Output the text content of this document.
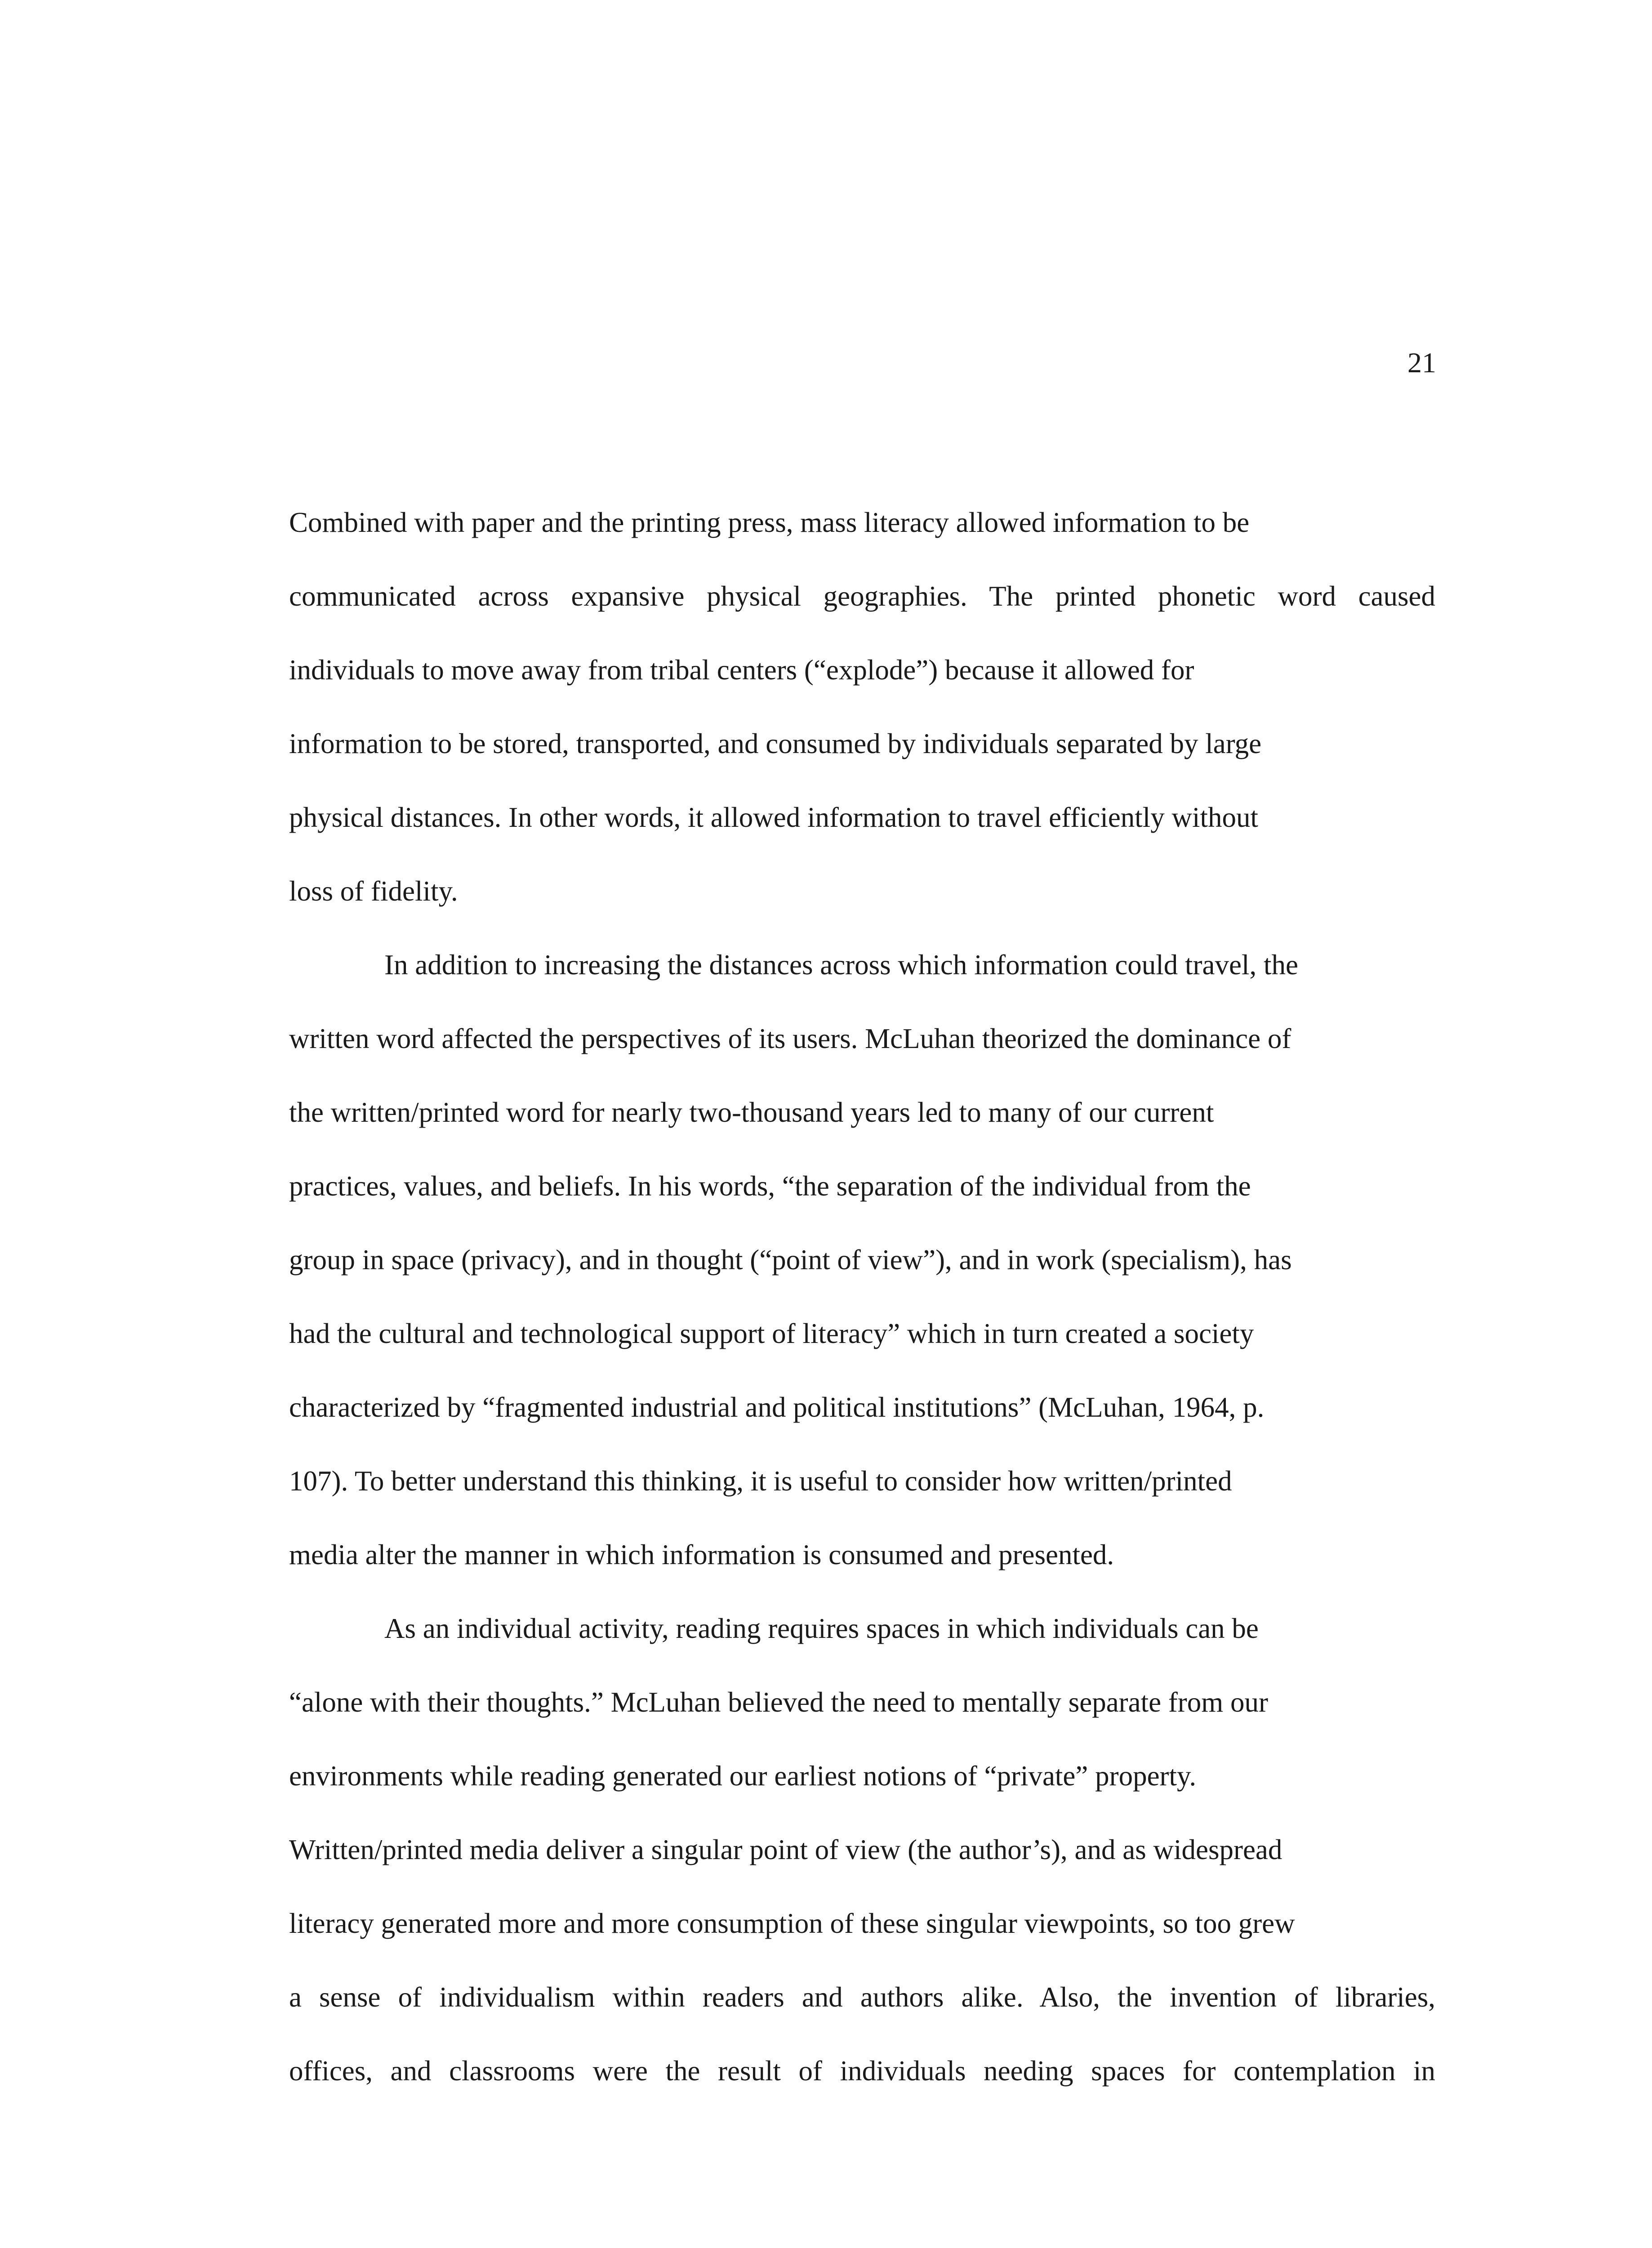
21
Combined with paper and the printing press, mass literacy allowed information to be
communicated across expansive physical geographies. The printed phonetic word caused
individuals to move away from tribal centers (“explode”) because it allowed for
information to be stored, transported, and consumed by individuals separated by large
physical distances. In other words, it allowed information to travel efficiently without
loss of fidelity.
In addition to increasing the distances across which information could travel, the
written word affected the perspectives of its users. McLuhan theorized the dominance of
the written/printed word for nearly two-thousand years led to many of our current
practices, values, and beliefs. In his words, “the separation of the individual from the
group in space (privacy), and in thought (“point of view”), and in work (specialism), has
had the cultural and technological support of literacy” which in turn created a society
characterized by “fragmented industrial and political institutions” (McLuhan, 1964, p.
107). To better understand this thinking, it is useful to consider how written/printed
media alter the manner in which information is consumed and presented.
As an individual activity, reading requires spaces in which individuals can be
“alone with their thoughts.” McLuhan believed the need to mentally separate from our
environments while reading generated our earliest notions of “private” property.
Written/printed media deliver a singular point of view (the author’s), and as widespread
literacy generated more and more consumption of these singular viewpoints, so too grew
a sense of individualism within readers and authors alike. Also, the invention of libraries,
offices, and classrooms were the result of individuals needing spaces for contemplation in
